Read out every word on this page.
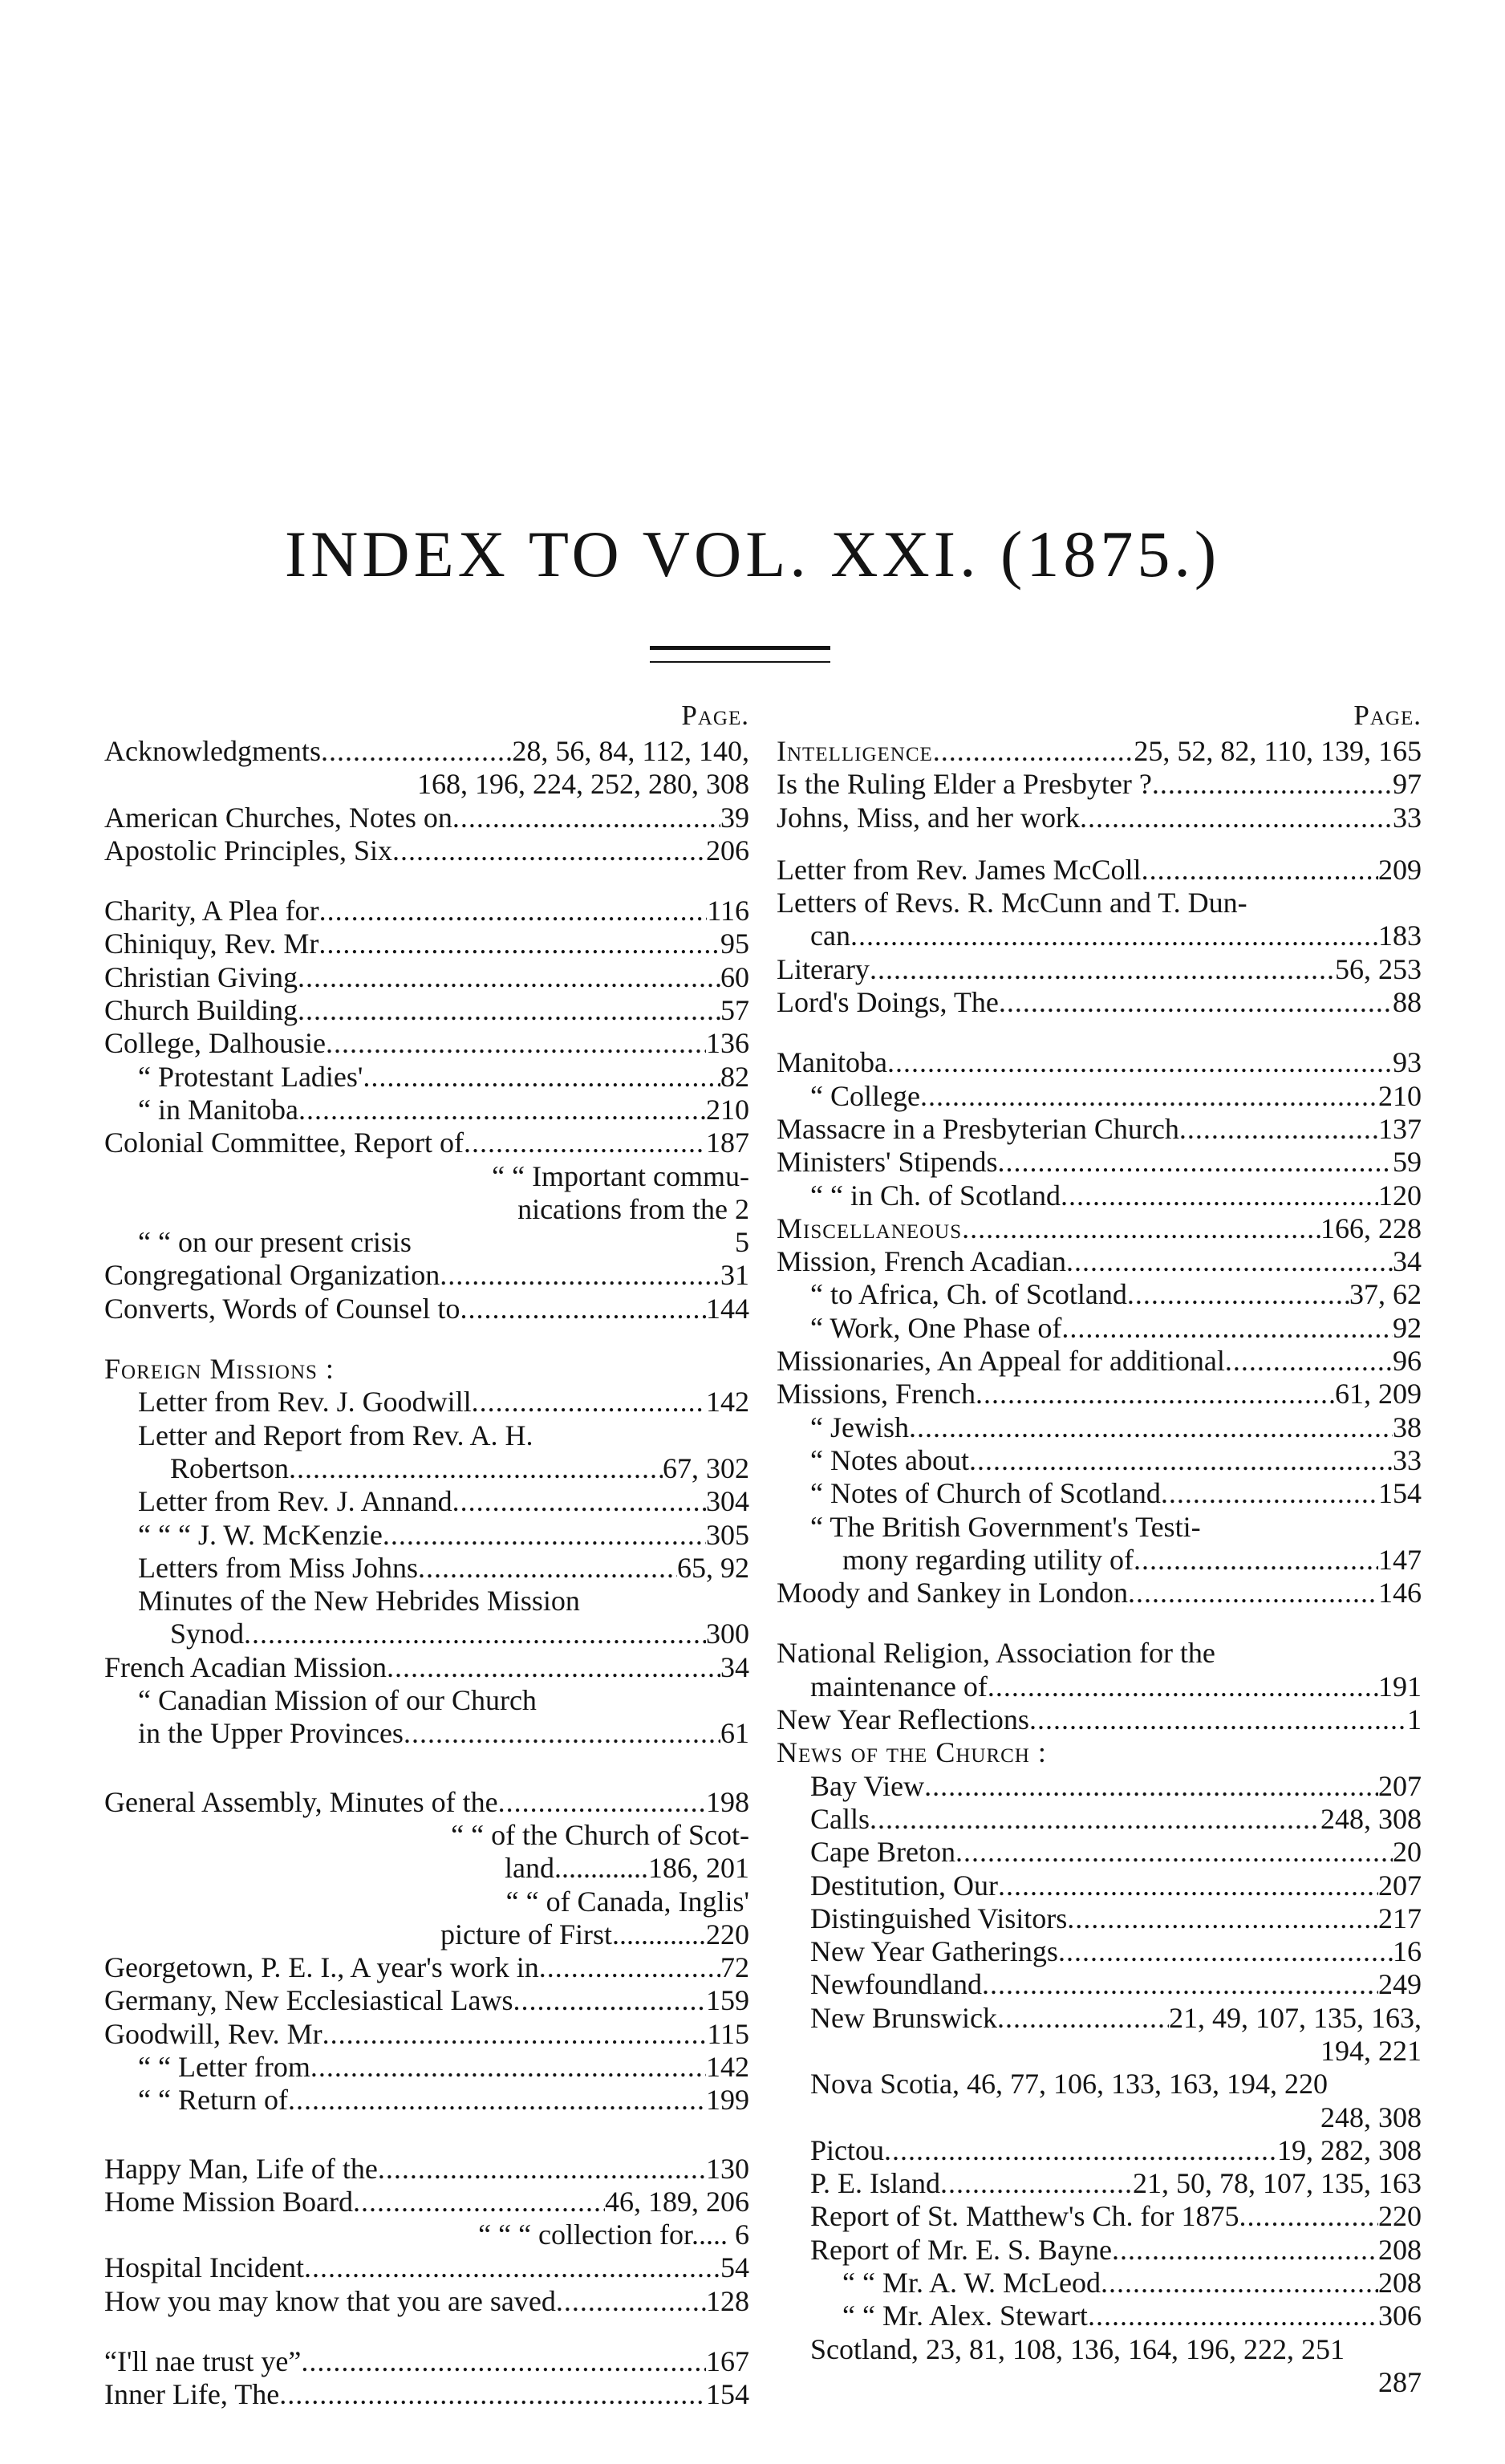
INDEX TO VOL. XXI. (1875.)
Page.
Acknowledgments .....	28, 56, 84, 112, 140,
168, 196, 224, 252, 280, 308
American Churches, Notes on .....	39
Apostolic Principles, Six .....	206
Charity, A Plea for .....	116
Chiniquy, Rev. Mr .....	95
Christian Giving .....	60
Church Building .....	57
College, Dalhousie .....	136
“ Protestant Ladies' .....	82
“ in Manitoba .....	210
Colonial Committee, Report of .....	187
“ “ Important commu-
nications from the 2
“ “ on our present crisis	5
Congregational Organization .....	31
Converts, Words of Counsel to .....	144
Foreign Missions :
Letter from Rev. J. Goodwill .....	142
Letter and Report from Rev. A. H.
Robertson .....	67, 302
Letter from Rev. J. Annand .....	304
“ “ “ J. W. McKenzie .....	305
Letters from Miss Johns .....	65, 92
Minutes of the New Hebrides Mission
Synod .....	300
French Acadian Mission .....	34
“ Canadian Mission of our Church
in the Upper Provinces .....	61
General Assembly, Minutes of the .....	198
“ “ of the Church of Scot-
land.............186, 201
“ “ of Canada, Inglis'
picture of First.............220
Georgetown, P. E. I., A year's work in .....	72
Germany, New Ecclesiastical Laws .....	159
Goodwill, Rev. Mr .....	115
“ “ Letter from .....	142
“ “ Return of .....	199
Happy Man, Life of the .....	130
Home Mission Board .....	46, 189, 206
“ “ “ collection for..... 6
Hospital Incident .....	54
How you may know that you are saved .....	128
“I'll nae trust ye” .....	167
Inner Life, The .....	154
Page.
Intelligence .....	25, 52, 82, 110, 139, 165
Is the Ruling Elder a Presbyter ? .....	97
Johns, Miss, and her work .....	33
Letter from Rev. James McColl .....	209
Letters of Revs. R. McCunn and T. Dun-
can .....	183
Literary .....	56, 253
Lord's Doings, The .....	88
Manitoba .....	93
“ College .....	210
Massacre in a Presbyterian Church .....	137
Ministers' Stipends .....	59
“ “ in Ch. of Scotland .....	120
Miscellaneous .....	166, 228
Mission, French Acadian .....	34
“ to Africa, Ch. of Scotland .....	37, 62
“ Work, One Phase of .....	92
Missionaries, An Appeal for additional .....	96
Missions, French .....	61, 209
“ Jewish .....	38
“ Notes about .....	33
“ Notes of Church of Scotland .....	154
“ The British Government's Testi-
mony regarding utility of .....	147
Moody and Sankey in London .....	146
National Religion, Association for the
maintenance of .....	191
New Year Reflections .....	1
News of the Church :
Bay View .....	207
Calls .....	248, 308
Cape Breton .....	20
Destitution, Our .....	207
Distinguished Visitors .....	217
New Year Gatherings .....	16
Newfoundland .....	249
New Brunswick .....	21, 49, 107, 135, 163,
194, 221
Nova Scotia, 46, 77, 106, 133, 163, 194, 220
248, 308
Pictou .....	19, 282, 308
P. E. Island .....	21, 50, 78, 107, 135, 163
Report of St. Matthew's Ch. for 1875 .....	220
Report of Mr. E. S. Bayne .....	208
“ “ Mr. A. W. McLeod .....	208
“ “ Mr. Alex. Stewart .....	306
Scotland, 23, 81, 108, 136, 164, 196, 222, 251
287
